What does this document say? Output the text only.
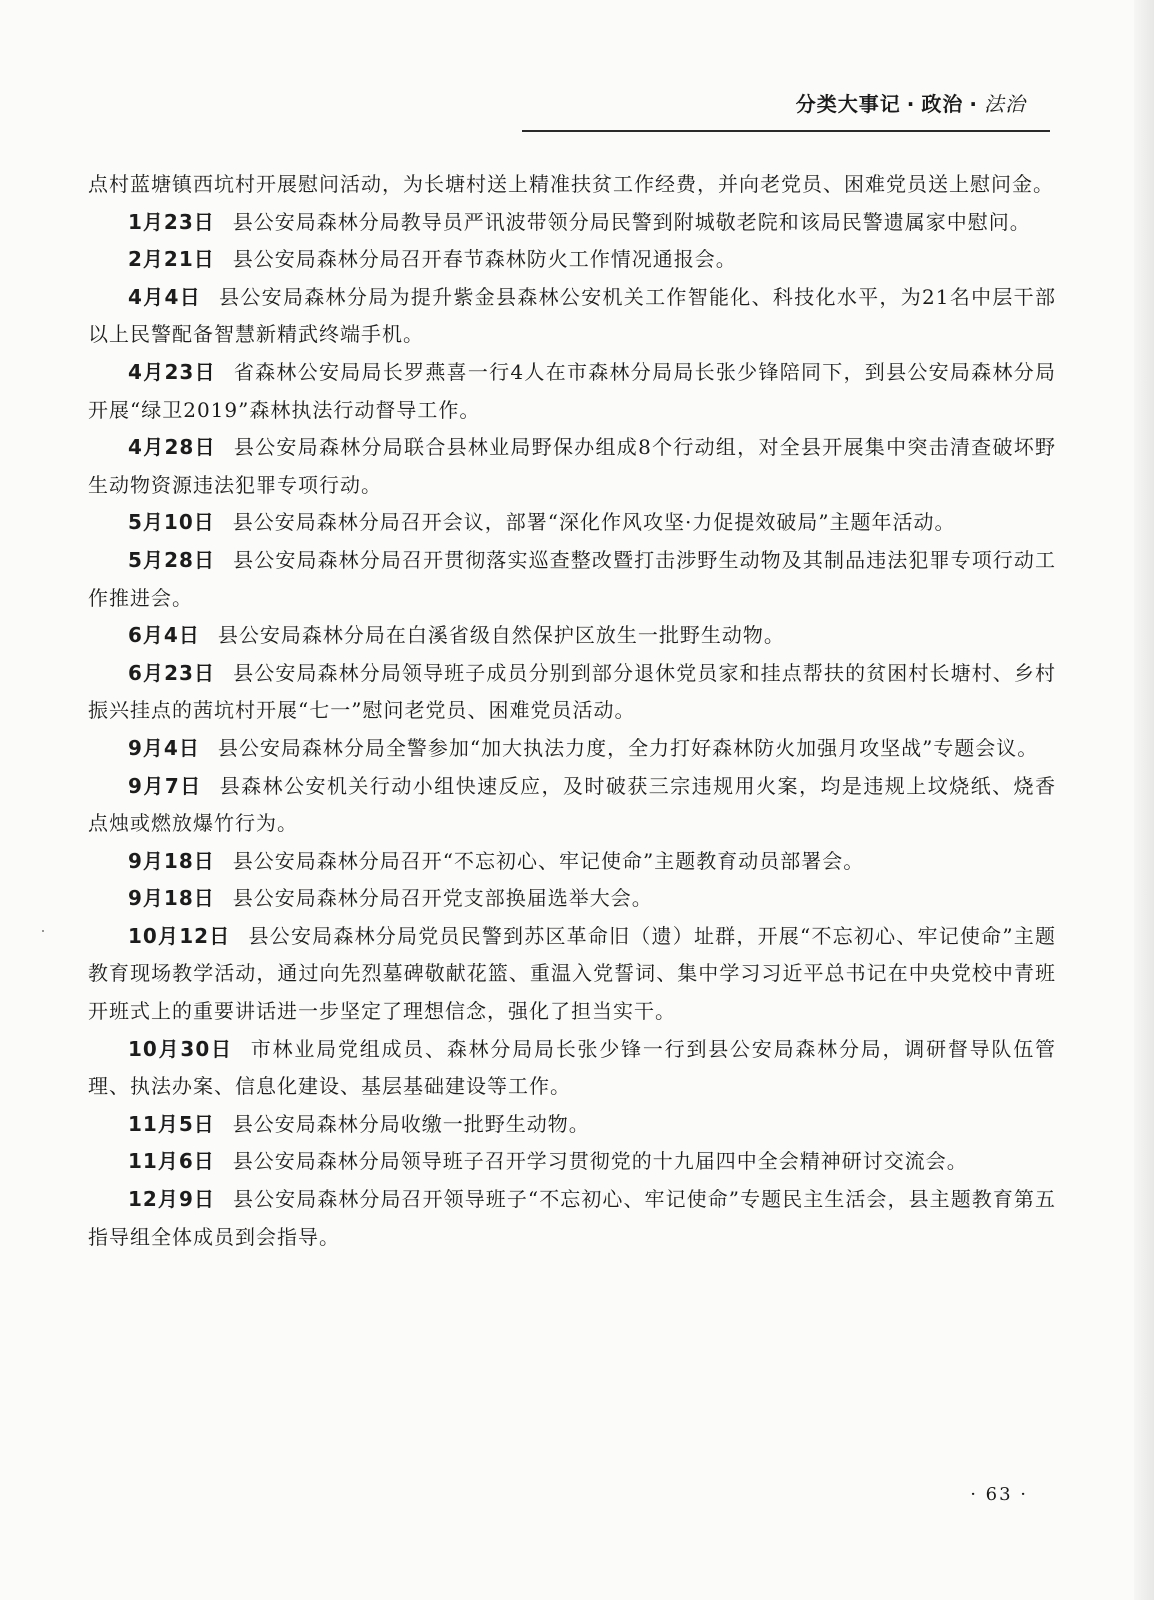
分类大事记 · 政治 · 法治

点村蓝塘镇西坑村开展慰问活动，为长塘村送上精准扶贫工作经费，并向老党员、困难党员送上慰问金。

1月23日 县公安局森林分局教导员严讯波带领分局民警到附城敬老院和该局民警遗属家中慰问。

2月21日 县公安局森林分局召开春节森林防火工作情况通报会。

4月4日 县公安局森林分局为提升紫金县森林公安机关工作智能化、科技化水平，为21名中层干部以上民警配备智慧新精武终端手机。

4月23日 省森林公安局局长罗燕喜一行4人在市森林分局局长张少锋陪同下，到县公安局森林分局开展“绿卫2019”森林执法行动督导工作。

4月28日 县公安局森林分局联合县林业局野保办组成8个行动组，对全县开展集中突击清查破坏野生动物资源违法犯罪专项行动。

5月10日 县公安局森林分局召开会议，部署“深化作风攻坚·力促提效破局”主题年活动。

5月28日 县公安局森林分局召开贯彻落实巡查整改暨打击涉野生动物及其制品违法犯罪专项行动工作推进会。

6月4日 县公安局森林分局在白溪省级自然保护区放生一批野生动物。

6月23日 县公安局森林分局领导班子成员分别到部分退休党员家和挂点帮扶的贫困村长塘村、乡村振兴挂点的茜坑村开展“七一”慰问老党员、困难党员活动。

9月4日 县公安局森林分局全警参加“加大执法力度，全力打好森林防火加强月攻坚战”专题会议。

9月7日 县森林公安机关行动小组快速反应，及时破获三宗违规用火案，均是违规上坟烧纸、烧香点烛或燃放爆竹行为。

9月18日 县公安局森林分局召开“不忘初心、牢记使命”主题教育动员部署会。

9月18日 县公安局森林分局召开党支部换届选举大会。

10月12日 县公安局森林分局党员民警到苏区革命旧（遗）址群，开展“不忘初心、牢记使命”主题教育现场教学活动，通过向先烈墓碑敬献花篮、重温入党誓词、集中学习习近平总书记在中央党校中青班开班式上的重要讲话进一步坚定了理想信念，强化了担当实干。

10月30日 市林业局党组成员、森林分局局长张少锋一行到县公安局森林分局，调研督导队伍管理、执法办案、信息化建设、基层基础建设等工作。

11月5日 县公安局森林分局收缴一批野生动物。

11月6日 县公安局森林分局领导班子召开学习贯彻党的十九届四中全会精神研讨交流会。

12月9日 县公安局森林分局召开领导班子“不忘初心、牢记使命”专题民主生活会，县主题教育第五指导组全体成员到会指导。

· 63 ·
